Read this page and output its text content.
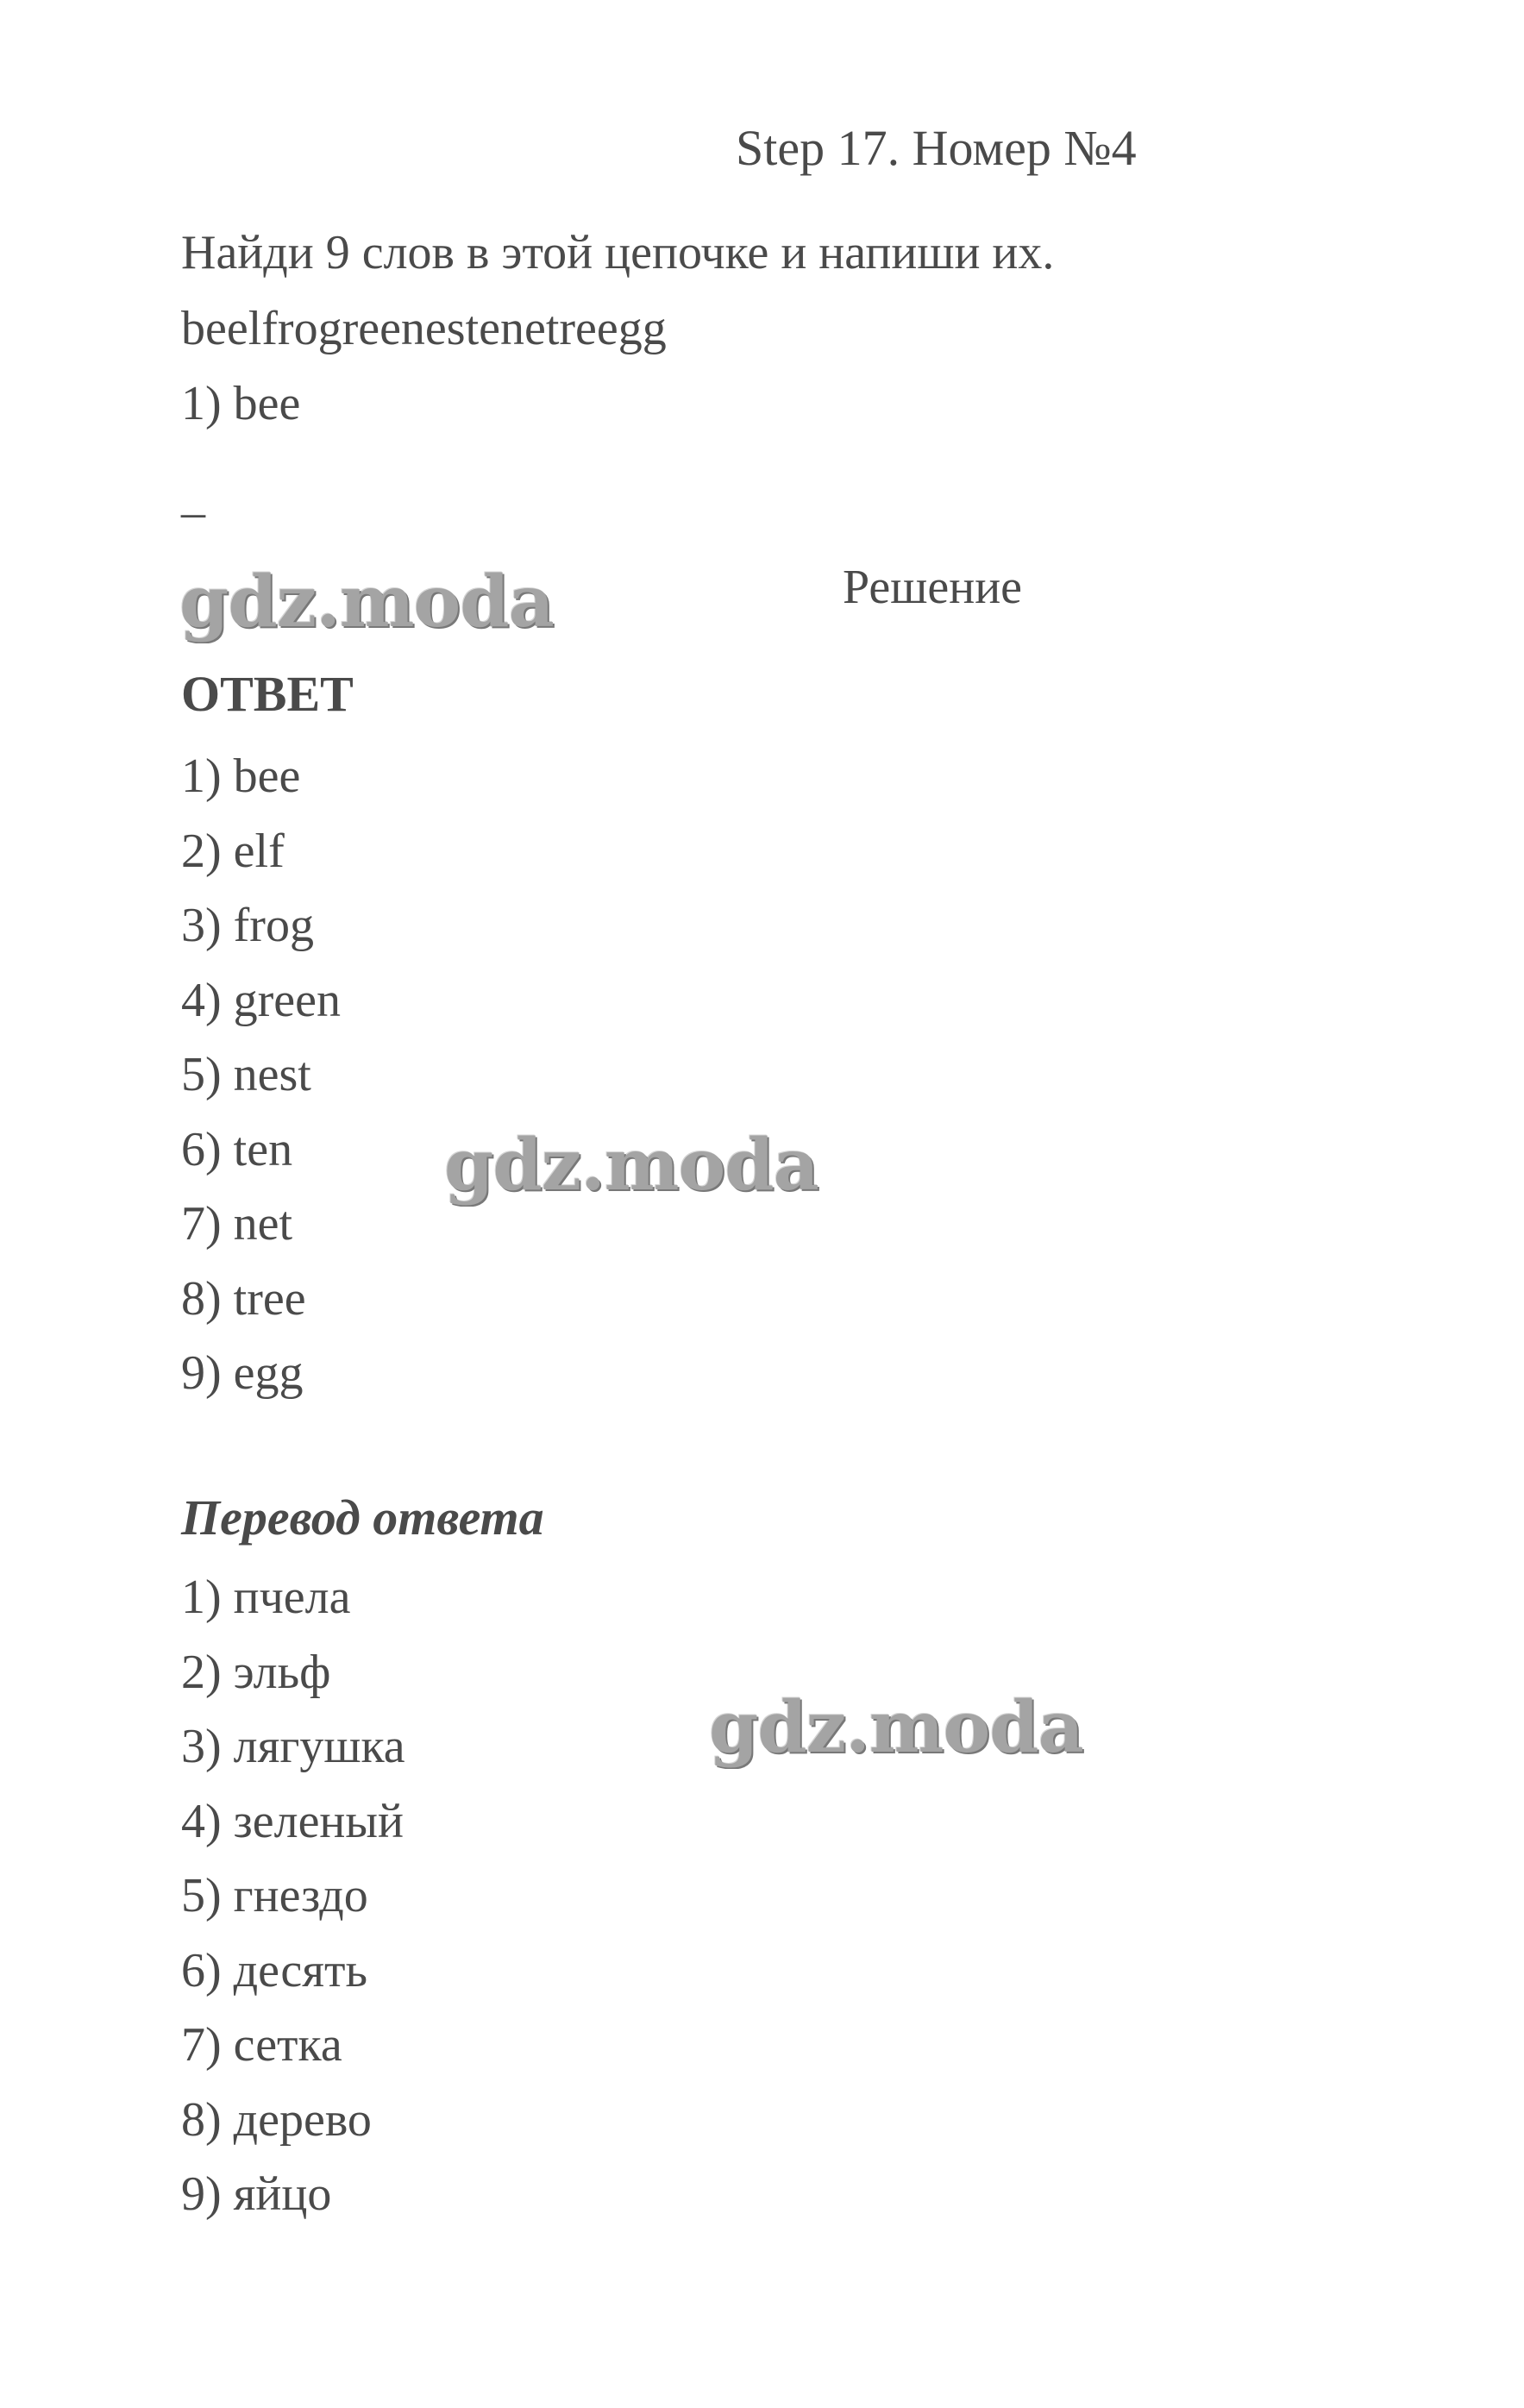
Step 17. Номер №4
Найди 9 слов в этой цепочке и напиши их.
beelfrogreenestenetreegg
1) bee
_
gdz.moda	Решение
ОТВЕТ
1) bee
2) elf
3) frog
4) green
5) nest
6) ten
7) net
8) tree
9) egg
gdz.moda
Перевод ответа
1) пчела
2) эльф
3) лягушка
4) зеленый
5) гнездо
6) десять
7) сетка
8) дерево
9) яйцо
gdz.moda
